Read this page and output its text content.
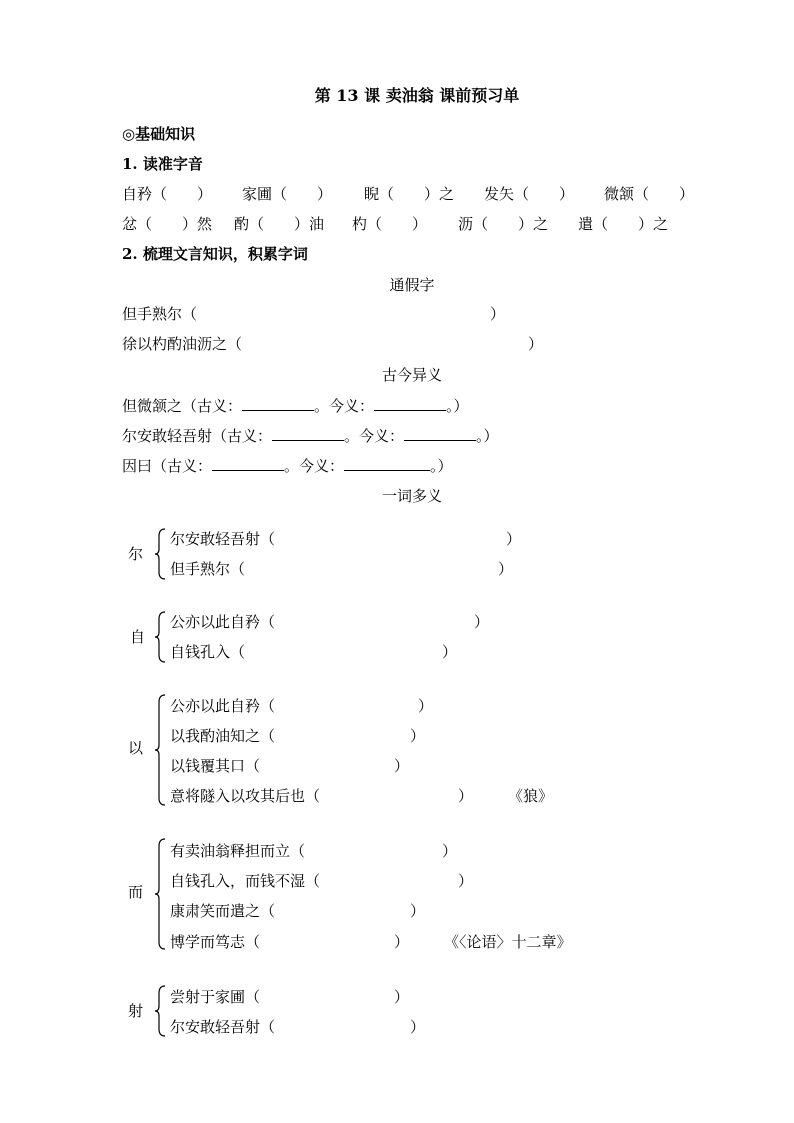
第 13 课 卖油翁 课前预习单
◎基础知识
1. 读准字音
自矜（　　） 家圃（　　） 睨（　　）之 发矢（　　） 微颔（　　）
忿（　　）然 酌（　　）油 杓（　　） 沥（　　）之 遣（　　）之
2. 梳理文言知识，积累字词
通假字
但手熟尔（	）
徐以杓酌油沥之（	）
古今异义
但微颔之（古义：	。今义：	。）
尔安敢轻吾射（古义：	。今义：	。）
因曰（古义：	。今义：	。）
一词多义
尔
尔安敢轻吾射（	）
但手熟尔（	）
自
公亦以此自矜（	）
自钱孔入（	）
以
公亦以此自矜（	）
以我酌油知之（	）
以钱覆其口（	）
意将隧入以攻其后也（	） 《狼》
而
有卖油翁释担而立（	）
自钱孔入，而钱不湿（	）
康肃笑而遣之（	）
博学而笃志（	） 《〈论语〉十二章》
射
尝射于家圃（	）
尔安敢轻吾射（	）
